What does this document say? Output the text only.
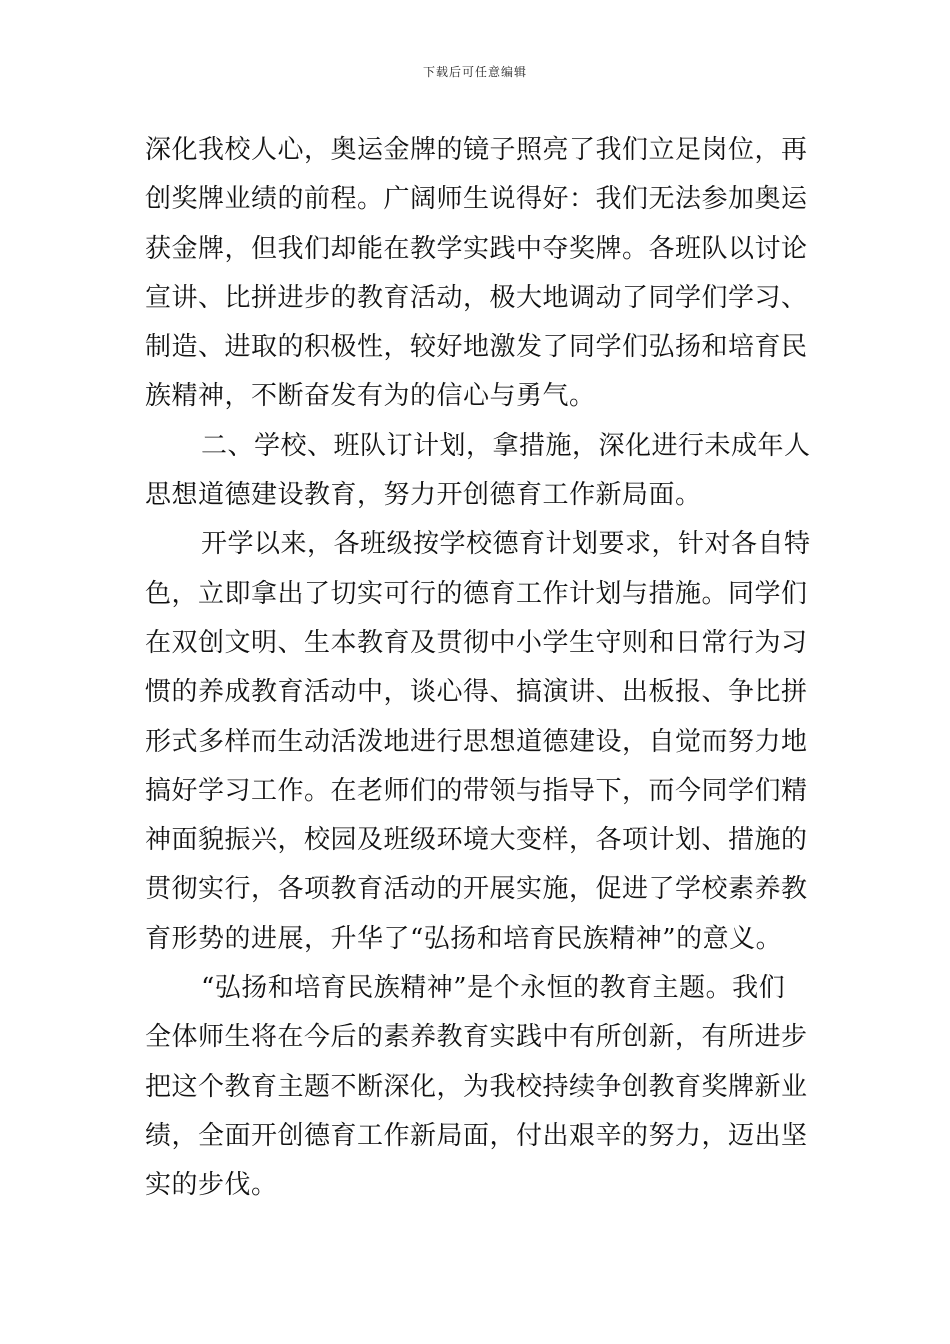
下载后可任意编辑
深化我校人心，奥运金牌的镜子照亮了我们立足岗位，再
创奖牌业绩的前程。广阔师生说得好：我们无法参加奥运
获金牌，但我们却能在教学实践中夺奖牌。各班队以讨论
宣讲、比拼进步的教育活动，极大地调动了同学们学习、
制造、进取的积极性，较好地激发了同学们弘扬和培育民
族精神，不断奋发有为的信心与勇气。
二、学校、班队订计划，拿措施，深化进行未成年人
思想道德建设教育，努力开创德育工作新局面。
开学以来，各班级按学校德育计划要求，针对各自特
色，立即拿出了切实可行的德育工作计划与措施。同学们
在双创文明、生本教育及贯彻中小学生守则和日常行为习
惯的养成教育活动中，谈心得、搞演讲、出板报、争比拼
形式多样而生动活泼地进行思想道德建设，自觉而努力地
搞好学习工作。在老师们的带领与指导下，而今同学们精
神面貌振兴，校园及班级环境大变样，各项计划、措施的
贯彻实行，各项教育活动的开展实施，促进了学校素养教
育形势的进展，升华了“弘扬和培育民族精神”的意义。
“弘扬和培育民族精神”是个永恒的教育主题。我们
全体师生将在今后的素养教育实践中有所创新，有所进步
把这个教育主题不断深化，为我校持续争创教育奖牌新业
绩，全面开创德育工作新局面，付出艰辛的努力，迈出坚
实的步伐。
